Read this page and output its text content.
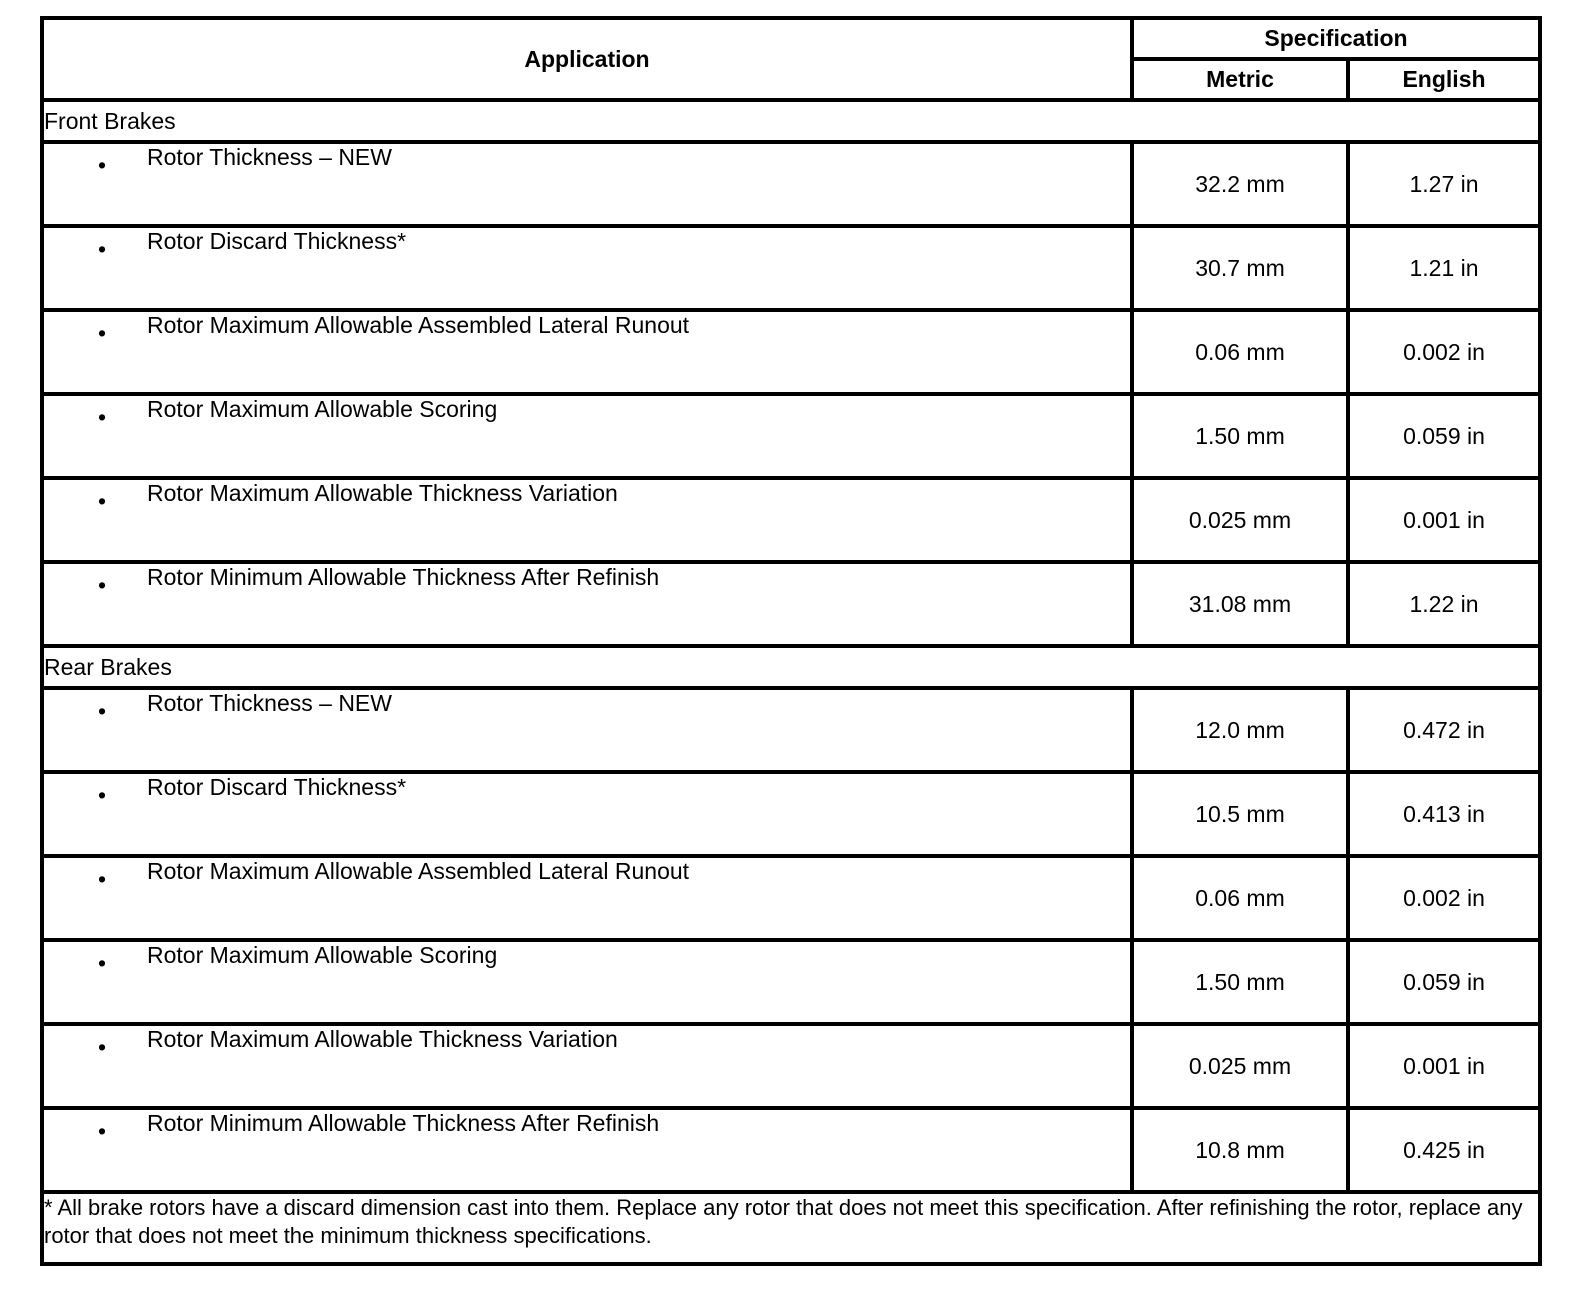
Application	Specification	
	Metric	English
Front Brakes		

• Rotor Thickness – NEW	32.2 mm	1.27 in

• Rotor Discard Thickness*	30.7 mm	1.21 in

• Rotor Maximum Allowable Assembled Lateral Runout	0.06 mm	0.002 in

• Rotor Maximum Allowable Scoring	1.50 mm	0.059 in

• Rotor Maximum Allowable Thickness Variation	0.025 mm	0.001 in

• Rotor Minimum Allowable Thickness After Refinish	31.08 mm	1.22 in
Rear Brakes		

• Rotor Thickness – NEW	12.0 mm	0.472 in

• Rotor Discard Thickness*	10.5 mm	0.413 in

• Rotor Maximum Allowable Assembled Lateral Runout	0.06 mm	0.002 in

• Rotor Maximum Allowable Scoring	1.50 mm	0.059 in

• Rotor Maximum Allowable Thickness Variation	0.025 mm	0.001 in

• Rotor Minimum Allowable Thickness After Refinish	10.8 mm	0.425 in
* All brake rotors have a discard dimension cast into them. Replace any rotor that does not meet this specification. After refinishing the rotor, replace any rotor that does not meet the minimum thickness specifications.		
